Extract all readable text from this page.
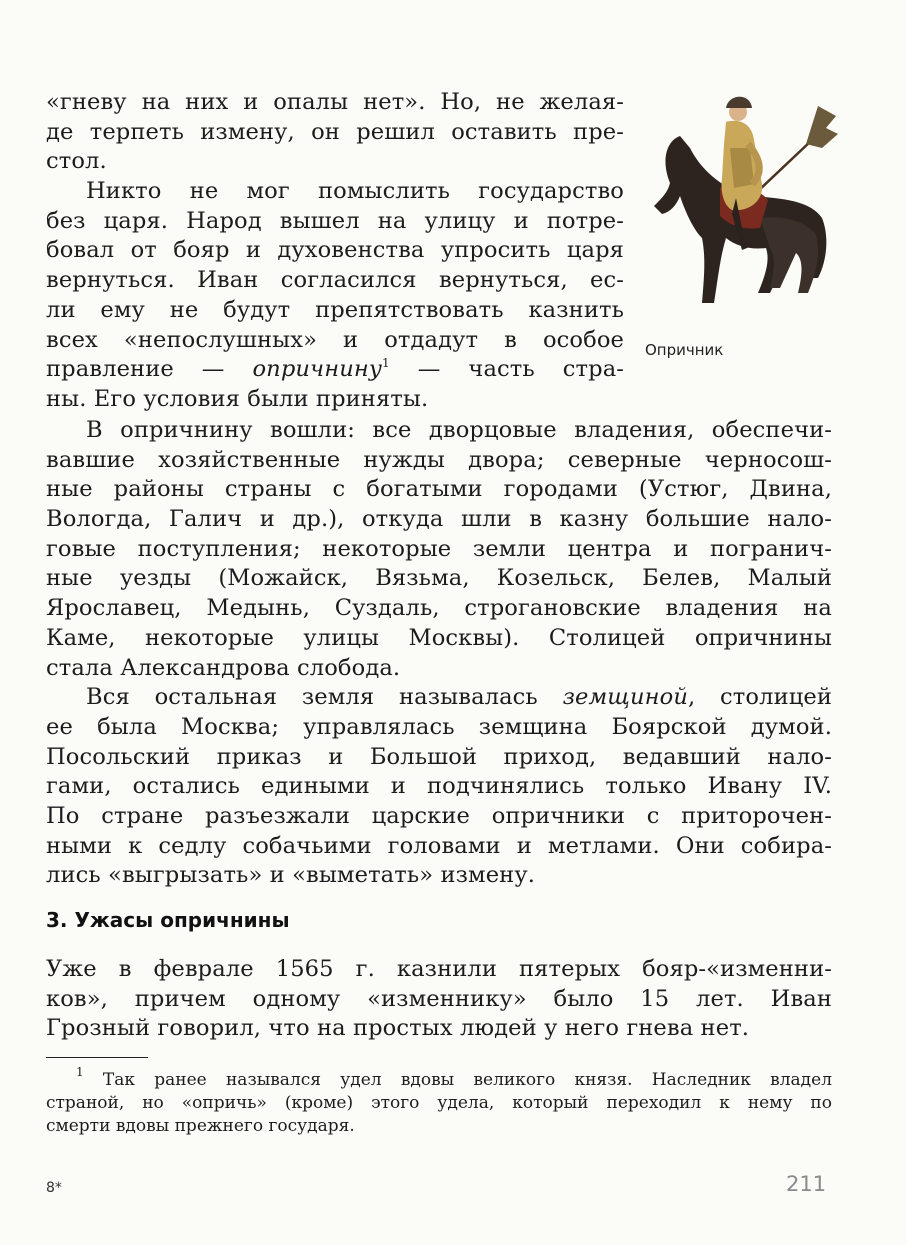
«гневу на них и опалы нет». Но, не желая-
де терпеть измену, он решил оставить пре-
стол.
Никто не мог помыслить государство
без царя. Народ вышел на улицу и потре-
бовал от бояр и духовенства упросить царя
вернуться. Иван согласился вернуться, ес-
ли ему не будут препятствовать казнить
всех «непослушных» и отдадут в особое
правление — опричнину$^1$ — часть стра-
ны. Его условия были приняты.
Опричник
В опричнину вошли: все дворцовые владения, обеспечи-
вавшие хозяйственные нужды двора; северные черносош-
ные районы страны с богатыми городами (Устюг, Двина,
Вологда, Галич и др.), откуда шли в казну большие нало-
говые поступления; некоторые земли центра и погранич-
ные уезды (Можайск, Вязьма, Козельск, Белев, Малый
Ярославец, Медынь, Суздаль, строгановские владения на
Каме, некоторые улицы Москвы). Столицей опричнины
стала Александрова слобода.
Вся остальная земля называлась земщиной, столицей
ее была Москва; управлялась земщина Боярской думой.
Посольский приказ и Большой приход, ведавший нало-
гами, остались едиными и подчинялись только Ивану IV.
По стране разъезжали царские опричники с приторочен-
ными к седлу собачьими головами и метлами. Они собира-
лись «выгрызать» и «выметать» измену.
3. Ужасы опричнины
Уже в феврале 1565 г. казнили пятерых бояр-«изменни-
ков», причем одному «изменнику» было 15 лет. Иван
Грозный говорил, что на простых людей у него гнева нет.
$^1$ Так ранее назывался удел вдовы великого князя. Наследник владел
страной, но «опричь» (кроме) этого удела, который переходил к нему по
смерти вдовы прежнего государя.
8*	211
